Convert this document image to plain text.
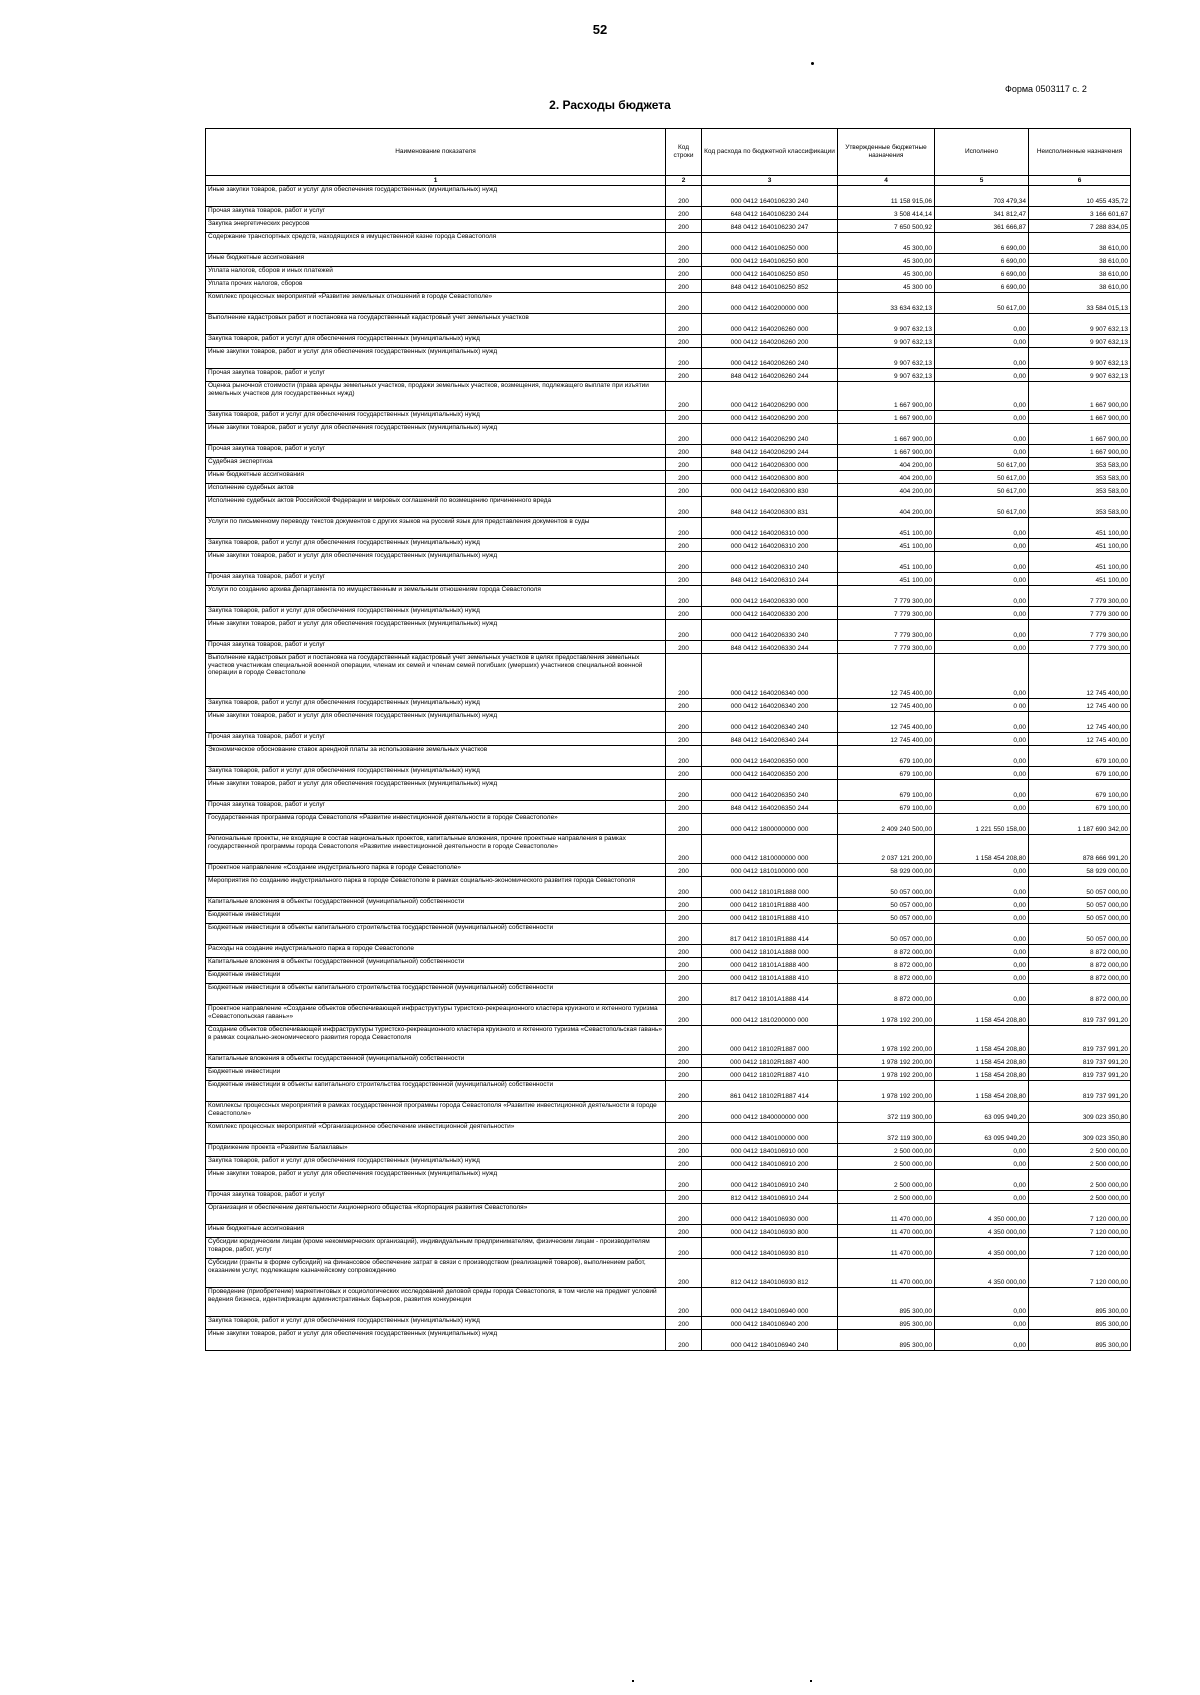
52
Форма 0503117 с. 2
2. Расходы бюджета
Наименование показателя	Код строки	Код расхода по бюджетной классификации	Утвержденные бюджетные назначения	Исполнено	Неисполненные назначения
1	2	3	4	5	6
Иные закупки товаров, работ и услуг для обеспечения государственных (муниципальных) нужд	200	000 0412 1640106230 240	11 158 915,06	703 479,34	10 455 435,72
Прочая закупка товаров, работ и услуг	200	648 0412 1640106230 244	3 508 414,14	341 812,47	3 166 601,67
Закупка энергетических ресурсов	200	848 0412 1640106230 247	7 650 500,92	361 666,87	7 288 834,05
Содержание транспортных средств, находящихся в имущественной казне города Севастополя	200	000 0412 1640106250 000	45 300,00	6 690,00	38 610,00
Иные бюджетные ассигнования	200	000 0412 1640106250 800	45 300,00	6 690,00	38 610,00
Уплата налогов, сборов и иных платежей	200	000 0412 1640106250 850	45 300,00	6 690,00	38 610,00
Уплата прочих налогов, сборов	200	848 0412 1640106250 852	45 300 00	6 690,00	38 610,00
Комплекс процессных мероприятий «Развитие земельных отношений в городе Севастополе»	200	000 0412 1640200000 000	33 634 632,13	50 617,00	33 584 015,13
Выполнение кадастровых работ и постановка на государственный кадастровый учет земельных участков	200	000 0412 1640206260 000	9 907 632,13	0,00	9 907 632,13
Закупка товаров, работ и услуг для обеспечения государственных (муниципальных) нужд	200	000 0412 1640206260 200	9 907 632,13	0,00	9 907 632,13
Иные закупки товаров, работ и услуг для обеспечения государственных (муниципальных) нужд	200	000 0412 1640206260 240	9 907 632,13	0,00	9 907 632,13
Прочая закупка товаров, работ и услуг	200	848 0412 1640206260 244	9 907 632,13	0,00	9 907 632,13
Оценка рыночной стоимости (права аренды земельных участков, продажи земельных участков, возмещения, подлежащего выплате при изъятии земельных участков для государственных нужд)	200	000 0412 1640206290 000	1 667 900,00	0,00	1 667 900,00
Закупка товаров, работ и услуг для обеспечения государственных (муниципальных) нужд	200	000 0412 1640206290 200	1 667 900,00	0,00	1 667 900,00
Иные закупки товаров, работ и услуг для обеспечения государственных (муниципальных) нужд	200	000 0412 1640206290 240	1 667 900,00	0,00	1 667 900,00
Прочая закупка товаров, работ и услуг	200	848 0412 1640206290 244	1 667 900,00	0,00	1 667 900,00
Судебная экспертиза	200	000 0412 1640206300 000	404 200,00	50 617,00	353 583,00
Иные бюджетные ассигнования	200	000 0412 1640206300 800	404 200,00	50 617,00	353 583,00
Исполнение судебных актов	200	000 0412 1640206300 830	404 200,00	50 617,00	353 583,00
Исполнение судебных актов Российской Федерации и мировых соглашений по возмещению причиненного вреда	200	848 0412 1640206300 831	404 200,00	50 617,00	353 583,00
Услуги по письменному переводу текстов документов с других языков на русский язык для представления документов в суды	200	000 0412 1640206310 000	451 100,00	0,00	451 100,00
Закупка товаров, работ и услуг для обеспечения государственных (муниципальных) нужд	200	000 0412 1640206310 200	451 100,00	0,00	451 100,00
Иные закупки товаров, работ и услуг для обеспечения государственных (муниципальных) нужд	200	000 0412 1640206310 240	451 100,00	0,00	451 100,00
Прочая закупка товаров, работ и услуг	200	848 0412 1640206310 244	451 100,00	0,00	451 100,00
Услуги по созданию архива Департамента по имущественным и земельным отношениям города Севастополя	200	000 0412 1640206330 000	7 779 300,00	0,00	7 779 300,00
Закупка товаров, работ и услуг для обеспечения государственных (муниципальных) нужд	200	000 0412 1640206330 200	7 779 300,00	0,00	7 779 300 00
Иные закупки товаров, работ и услуг для обеспечения государственных (муниципальных) нужд	200	000 0412 1640206330 240	7 779 300,00	0,00	7 779 300,00
Прочая закупка товаров, работ и услуг	200	848 0412 1640206330 244	7 779 300,00	0,00	7 779 300,00
Выполнение кадастровых работ и постановка на государственный кадастровый учет земельных участков в целях предоставления земельных участков участникам специальной военной операции, членам их семей и членам семей погибших (умерших) участников специальной военной операции в городе Севастополе	200	000 0412 1640206340 000	12 745 400,00	0,00	12 745 400,00
Закупка товаров, работ и услуг для обеспечения государственных (муниципальных) нужд	200	000 0412 1640206340 200	12 745 400,00	0 00	12 745 400 00
Иные закупки товаров, работ и услуг для обеспечения государственных (муниципальных) нужд	200	000 0412 1640206340 240	12 745 400,00	0,00	12 745 400,00
Прочая закупка товаров, работ и услуг	200	848 0412 1640206340 244	12 745 400,00	0,00	12 745 400,00
Экономическое обоснование ставок арендной платы за использование земельных участков	200	000 0412 1640206350 000	679 100,00	0,00	679 100,00
Закупка товаров, работ и услуг для обеспечения государственных (муниципальных) нужд	200	000 0412 1640206350 200	679 100,00	0,00	679 100,00
Иные закупки товаров, работ и услуг для обеспечения государственных (муниципальных) нужд	200	000 0412 1640206350 240	679 100,00	0,00	679 100,00
Прочая закупка товаров, работ и услуг	200	848 0412 1640206350 244	679 100,00	0,00	679 100,00
Государственная программа города Севастополя «Развитие инвестиционной деятельности в городе Севастополе»	200	000 0412 1800000000 000	2 409 240 500,00	1 221 550 158,00	1 187 690 342,00
Региональные проекты, не входящие в состав национальных проектов, капитальные вложения, прочие проектные направления в рамках государственной программы города Севастополя «Развитие инвестиционной деятельности в городе Севастополе»	200	000 0412 1810000000 000	2 037 121 200,00	1 158 454 208,80	878 666 991,20
Проектное направление «Создание индустриального парка в городе Севастополе»	200	000 0412 1810100000 000	58 929 000,00	0,00	58 929 000,00
Мероприятия по созданию индустриального парка в городе Севастополе в рамках социально-экономического развития города Севастополя	200	000 0412 18101R1888 000	50 057 000,00	0,00	50 057 000,00
Капитальные вложения в объекты государственной (муниципальной) собственности	200	000 0412 18101R1888 400	50 057 000,00	0,00	50 057 000,00
Бюджетные инвестиции	200	000 0412 18101R1888 410	50 057 000,00	0,00	50 057 000,00
Бюджетные инвестиции в объекты капитального строительства государственной (муниципальной) собственности	200	817 0412 18101R1888 414	50 057 000,00	0,00	50 057 000,00
Расходы на создание индустриального парка в городе Севастополе	200	000 0412 18101A1888 000	8 872 000,00	0,00	8 872 000,00
Капитальные вложения в объекты государственной (муниципальной) собственности	200	000 0412 18101A1888 400	8 872 000,00	0,00	8 872 000,00
Бюджетные инвестиции	200	000 0412 18101A1888 410	8 872 000,00	0,00	8 872 000,00
Бюджетные инвестиции в объекты капитального строительства государственной (муниципальной) собственности	200	817 0412 18101A1888 414	8 872 000,00	0,00	8 872 000,00
Проектное направление «Создание объектов обеспечивающей инфраструктуры туристско-рекреационного кластера круизного и яхтенного туризма «Севастопольская гавань»»	200	000 0412 1810200000 000	1 978 192 200,00	1 158 454 208,80	819 737 991,20
Создание объектов обеспечивающей инфраструктуры туристско-рекреационного кластера круизного и яхтенного туризма «Севастопольская гавань» в рамках социально-экономического развития города Севастополя	200	000 0412 18102R1887 000	1 978 192 200,00	1 158 454 208,80	819 737 991,20
Капитальные вложения в объекты государственной (муниципальной) собственности	200	000 0412 18102R1887 400	1 978 192 200,00	1 158 454 208,80	819 737 991,20
Бюджетные инвестиции	200	000 0412 18102R1887 410	1 978 192 200,00	1 158 454 208,80	819 737 991,20
Бюджетные инвестиции в объекты капитального строительства государственной (муниципальной) собственности	200	861 0412 18102R1887 414	1 978 192 200,00	1 158 454 208,80	819 737 991,20
Комплексы процессных мероприятий в рамках государственной программы города Севастополя «Развитие инвестиционной деятельности в городе Севастополе»	200	000 0412 1840000000 000	372 119 300,00	63 095 949,20	309 023 350,80
Комплекс процессных мероприятий «Организационное обеспечение инвестиционной деятельности»	200	000 0412 1840100000 000	372 119 300,00	63 095 949,20	309 023 350,80
Продвижение проекта «Развитие Балаклавы»	200	000 0412 1840106910 000	2 500 000,00	0,00	2 500 000,00
Закупка товаров, работ и услуг для обеспечения государственных (муниципальных) нужд	200	000 0412 1840106910 200	2 500 000,00	0,00	2 500 000,00
Иные закупки товаров, работ и услуг для обеспечения государственных (муниципальных) нужд	200	000 0412 1840106910 240	2 500 000,00	0,00	2 500 000,00
Прочая закупка товаров, работ и услуг	200	812 0412 1840106910 244	2 500 000,00	0,00	2 500 000,00
Организация и обеспечение деятельности Акционерного общества «Корпорация развития Севастополя»	200	000 0412 1840106930 000	11 470 000,00	4 350 000,00	7 120 000,00
Иные бюджетные ассигнования	200	000 0412 1840106930 800	11 470 000,00	4 350 000,00	7 120 000,00
Субсидии юридическим лицам (кроме некоммерческих организаций), индивидуальным предпринимателям, физическим лицам - производителям товаров, работ, услуг	200	000 0412 1840106930 810	11 470 000,00	4 350 000,00	7 120 000,00
Субсидии (гранты в форме субсидий) на финансовое обеспечение затрат в связи с производством (реализацией товаров), выполнением работ, оказанием услуг, подлежащие казначейскому сопровождению	200	812 0412 1840106930 812	11 470 000,00	4 350 000,00	7 120 000,00
Проведение (приобретение) маркетинговых и социологических исследований деловой среды города Севастополя, в том числе на предмет условий ведения бизнеса, идентификации административных барьеров, развития конкуренции	200	000 0412 1840106940 000	895 300,00	0,00	895 300,00
Закупка товаров, работ и услуг для обеспечения государственных (муниципальных) нужд	200	000 0412 1840106940 200	895 300,00	0,00	895 300,00
Иные закупки товаров, работ и услуг для обеспечения государственных (муниципальных) нужд	200	000 0412 1840106940 240	895 300,00	0,00	895 300,00
